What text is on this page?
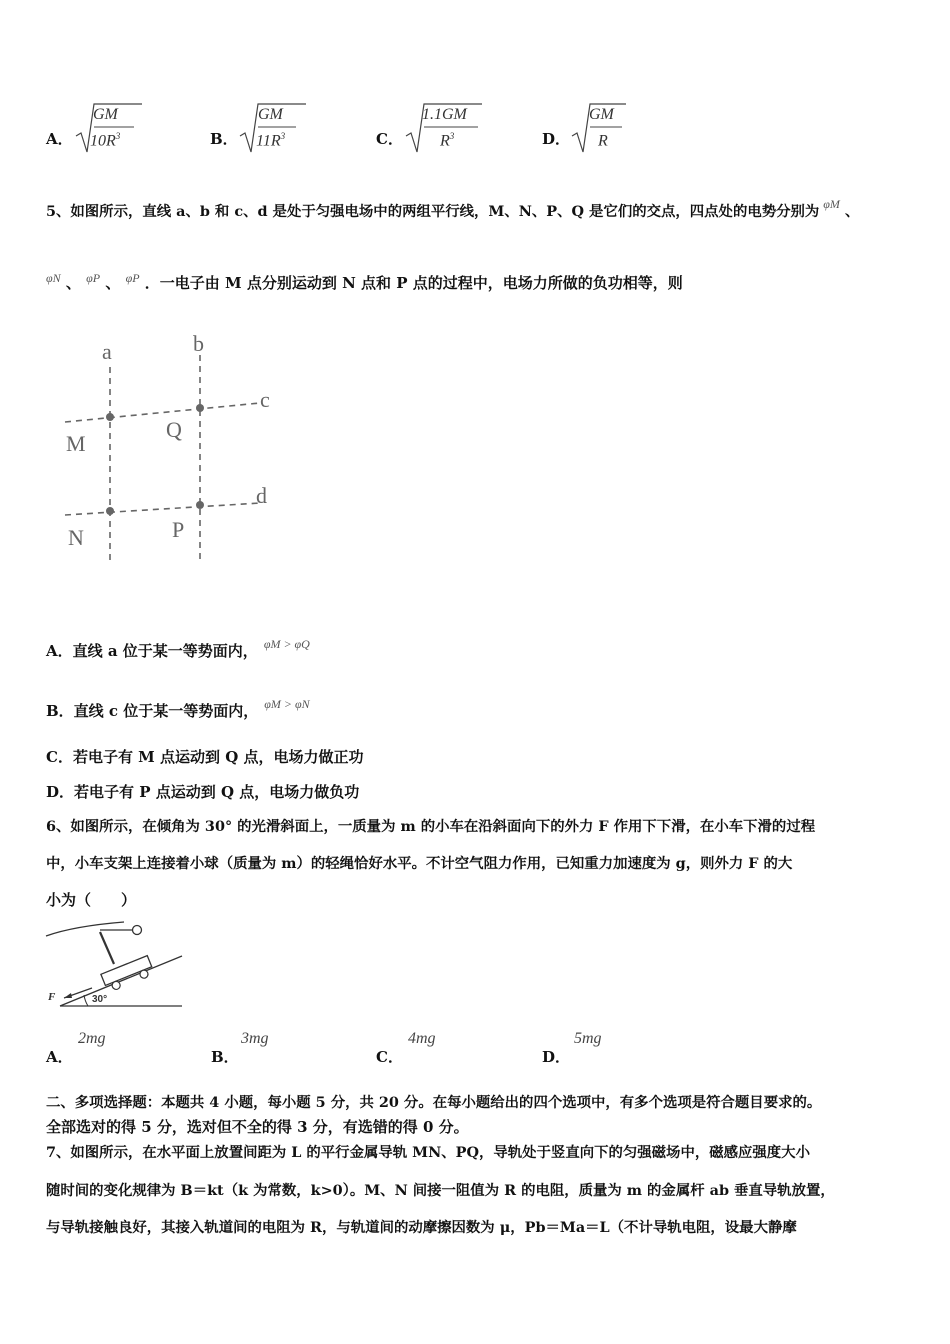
A．
GM
$10R^3$	B．
GM
$11R^3$	C．
1.1GM
$R^3$	D．
GM
R
5、如图所示，直线 a、b 和 c、d 是处于匀强电场中的两组平行线，M、N、P、Q 是它们的交点，四点处的电势分别为 $^{\varphi M}$ 、
$^{\varphi N}$ 、 $^{\varphi P}$ 、 $^{\varphi P}$ ．一电子由 M 点分别运动到 N 点和 P 点的过程中，电场力所做的负功相等，则
a	b
c
d
M
Q
N	P
A．直线 a 位于某一等势面内， $^{\varphi M > \varphi Q}$
B．直线 c 位于某一等势面内， $^{\varphi M > \varphi N}$
C．若电子有 M 点运动到 Q 点，电场力做正功
D．若电子有 P 点运动到 Q 点，电场力做负功
6、如图所示，在倾角为 30° 的光滑斜面上，一质量为 m 的小车在沿斜面向下的外力 F 作用下下滑，在小车下滑的过程
中，小车支架上连接着小球（质量为 m）的轻绳恰好水平。不计空气阻力作用，已知重力加速度为 g，则外力 F 的大
小为（　　）
F	30°
A．
2mg
B．
3mg
C．
4mg
D．
5mg
二、多项选择题：本题共 4 小题，每小题 5 分，共 20 分。在每小题给出的四个选项中，有多个选项是符合题目要求的。
全部选对的得 5 分，选对但不全的得 3 分，有选错的得 0 分。
7、如图所示，在水平面上放置间距为 L 的平行金属导轨 MN、PQ，导轨处于竖直向下的匀强磁场中，磁感应强度大小
随时间的变化规律为 B＝kt（k 为常数，k>0）。M、N 间接一阻值为 R 的电阻，质量为 m 的金属杆 ab 垂直导轨放置，
与导轨接触良好，其接入轨道间的电阻为 R，与轨道间的动摩擦因数为 μ，Pb＝Ma＝L（不计导轨电阻，设最大静摩
